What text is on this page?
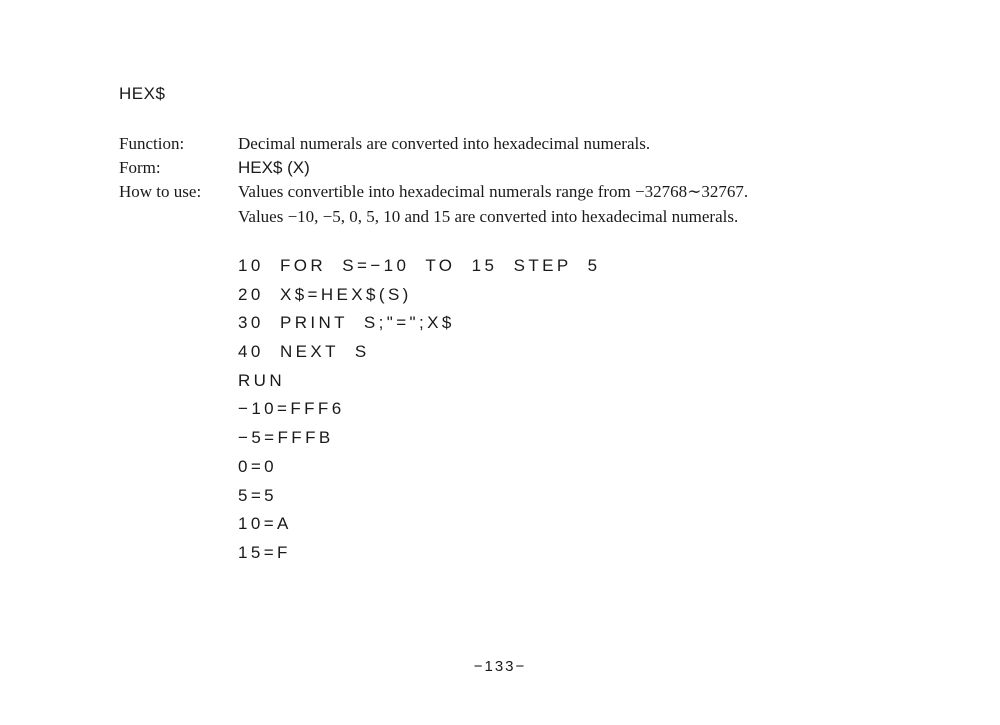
HEX$
Function:	Decimal numerals are converted into hexadecimal numerals.
Form:	HEX$ (X)
How to use: Values convertible into hexadecimal numerals range from −32768∼32767.
Values −10, −5, 0, 5, 10 and 15 are converted into hexadecimal numerals.
10  FOR  S=−10  TO  15  STEP  5
20  X$=HEX$(S)
30  PRINT  S;"=";X$
40  NEXT  S
RUN
−10=FFF6
−5=FFFB
0=0
5=5
10=A
15=F
−133−
